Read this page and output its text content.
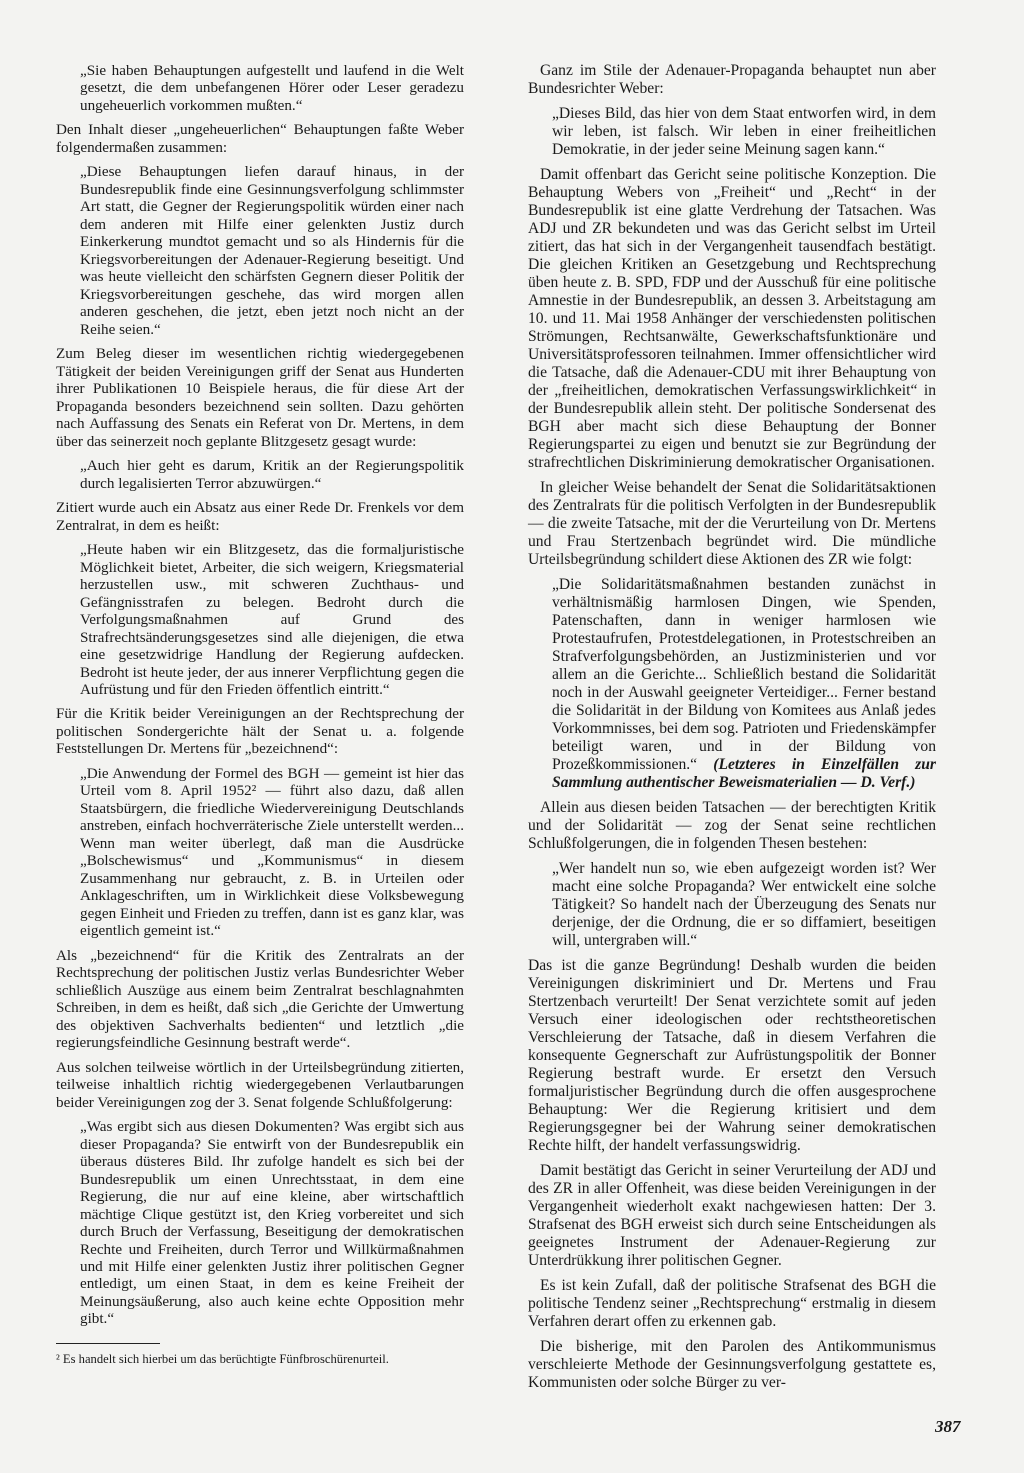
„Sie haben Behauptungen aufgestellt und laufend in die Welt gesetzt, die dem unbefangenen Hörer oder Leser geradezu ungeheuerlich vorkommen mußten.“

Den Inhalt dieser „ungeheuerlichen“ Behauptungen faßte Weber folgendermaßen zusammen:

„Diese Behauptungen liefen darauf hinaus, in der Bundesrepublik finde eine Gesinnungsverfolgung schlimmster Art statt, die Gegner der Regierungspolitik würden einer nach dem anderen mit Hilfe einer gelenkten Justiz durch Einkerkerung mundtot gemacht und so als Hindernis für die Kriegsvorbereitungen der Adenauer-Regierung beseitigt. Und was heute vielleicht den schärfsten Gegnern dieser Politik der Kriegsvorbereitungen geschehe, das wird morgen allen anderen geschehen, die jetzt, eben jetzt noch nicht an der Reihe seien.“

Zum Beleg dieser im wesentlichen richtig wiedergegebenen Tätigkeit der beiden Vereinigungen griff der Senat aus Hunderten ihrer Publikationen 10 Beispiele heraus, die für diese Art der Propaganda besonders bezeichnend sein sollten. Dazu gehörten nach Auffassung des Senats ein Referat von Dr. Mertens, in dem über das seinerzeit noch geplante Blitzgesetz gesagt wurde:

„Auch hier geht es darum, Kritik an der Regierungspolitik durch legalisierten Terror abzuwürgen.“

Zitiert wurde auch ein Absatz aus einer Rede Dr. Frenkels vor dem Zentralrat, in dem es heißt:

„Heute haben wir ein Blitzgesetz, das die formaljuristische Möglichkeit bietet, Arbeiter, die sich weigern, Kriegsmaterial herzustellen usw., mit schweren Zuchthaus- und Gefängnisstrafen zu belegen. Bedroht durch die Verfolgungsmaßnahmen auf Grund des Strafrechtsänderungsgesetzes sind alle diejenigen, die etwa eine gesetzwidrige Handlung der Regierung aufdecken. Bedroht ist heute jeder, der aus innerer Verpflichtung gegen die Aufrüstung und für den Frieden öffentlich eintritt.“

Für die Kritik beider Vereinigungen an der Rechtsprechung der politischen Sondergerichte hält der Senat u. a. folgende Feststellungen Dr. Mertens für „bezeichnend“:

„Die Anwendung der Formel des BGH — gemeint ist hier das Urteil vom 8. April 1952² — führt also dazu, daß allen Staatsbürgern, die friedliche Wiedervereinigung Deutschlands anstreben, einfach hochverräterische Ziele unterstellt werden... Wenn man weiter überlegt, daß man die Ausdrücke „Bolschewismus“ und „Kommunismus“ in diesem Zusammenhang nur gebraucht, z. B. in Urteilen oder Anklageschriften, um in Wirklichkeit diese Volksbewegung gegen Einheit und Frieden zu treffen, dann ist es ganz klar, was eigentlich gemeint ist.“

Als „bezeichnend“ für die Kritik des Zentralrats an der Rechtsprechung der politischen Justiz verlas Bundesrichter Weber schließlich Auszüge aus einem beim Zentralrat beschlagnahmten Schreiben, in dem es heißt, daß sich „die Gerichte der Umwertung des objektiven Sachverhalts bedienten“ und letztlich „die regierungsfeindliche Gesinnung bestraft werde“.

Aus solchen teilweise wörtlich in der Urteilsbegründung zitierten, teilweise inhaltlich richtig wiedergegebenen Verlautbarungen beider Vereinigungen zog der 3. Senat folgende Schlußfolgerung:

„Was ergibt sich aus diesen Dokumenten? Was ergibt sich aus dieser Propaganda? Sie entwirft von der Bundesrepublik ein überaus düsteres Bild. Ihr zufolge handelt es sich bei der Bundesrepublik um einen Unrechtsstaat, in dem eine Regierung, die nur auf eine kleine, aber wirtschaftlich mächtige Clique gestützt ist, den Krieg vorbereitet und sich durch Bruch der Verfassung, Beseitigung der demokratischen Rechte und Freiheiten, durch Terror und Willkürmaßnahmen und mit Hilfe einer gelenkten Justiz ihrer politischen Gegner entledigt, um einen Staat, in dem es keine Freiheit der Meinungsäußerung, also auch keine echte Opposition mehr gibt.“

Ganz im Stile der Adenauer-Propaganda behauptet nun aber Bundesrichter Weber:

„Dieses Bild, das hier von dem Staat entworfen wird, in dem wir leben, ist falsch. Wir leben in einer freiheitlichen Demokratie, in der jeder seine Meinung sagen kann.“

Damit offenbart das Gericht seine politische Konzeption. Die Behauptung Webers von „Freiheit“ und „Recht“ in der Bundesrepublik ist eine glatte Verdrehung der Tatsachen. Was ADJ und ZR bekundeten und was das Gericht selbst im Urteil zitiert, das hat sich in der Vergangenheit tausendfach bestätigt. Die gleichen Kritiken an Gesetzgebung und Rechtsprechung üben heute z. B. SPD, FDP und der Ausschuß für eine politische Amnestie in der Bundesrepublik, an dessen 3. Arbeitstagung am 10. und 11. Mai 1958 Anhänger der verschiedensten politischen Strömungen, Rechtsanwälte, Gewerkschaftsfunktionäre und Universitätsprofessoren teilnahmen. Immer offensichtlicher wird die Tatsache, daß die Adenauer-CDU mit ihrer Behauptung von der „freiheitlichen, demokratischen Verfassungswirklichkeit“ in der Bundesrepublik allein steht. Der politische Sondersenat des BGH aber macht sich diese Behauptung der Bonner Regierungspartei zu eigen und benutzt sie zur Begründung der strafrechtlichen Diskriminierung demokratischer Organisationen.

In gleicher Weise behandelt der Senat die Solidaritätsaktionen des Zentralrats für die politisch Verfolgten in der Bundesrepublik — die zweite Tatsache, mit der die Verurteilung von Dr. Mertens und Frau Stertzenbach begründet wird. Die mündliche Urteilsbegründung schildert diese Aktionen des ZR wie folgt:

„Die Solidaritätsmaßnahmen bestanden zunächst in verhältnismäßig harmlosen Dingen, wie Spenden, Patenschaften, dann in weniger harmlosen wie Protestaufrufen, Protestdelegationen, in Protestschreiben an Strafverfolgungsbehörden, an Justizministerien und vor allem an die Gerichte... Schließlich bestand die Solidarität noch in der Auswahl geeigneter Verteidiger... Ferner bestand die Solidarität in der Bildung von Komitees aus Anlaß jedes Vorkommnisses, bei dem sog. Patrioten und Friedenskämpfer beteiligt waren, und in der Bildung von Prozeßkommissionen.“ (Letzteres in Einzelfällen zur Sammlung authentischer Beweismaterialien — D. Verf.)

Allein aus diesen beiden Tatsachen — der berechtigten Kritik und der Solidarität — zog der Senat seine rechtlichen Schlußfolgerungen, die in folgenden Thesen bestehen:

„Wer handelt nun so, wie eben aufgezeigt worden ist? Wer macht eine solche Propaganda? Wer entwickelt eine solche Tätigkeit? So handelt nach der Überzeugung des Senats nur derjenige, der die Ordnung, die er so diffamiert, beseitigen will, untergraben will.“

Das ist die ganze Begründung! Deshalb wurden die beiden Vereinigungen diskriminiert und Dr. Mertens und Frau Stertzenbach verurteilt! Der Senat verzichtete somit auf jeden Versuch einer ideologischen oder rechtstheoretischen Verschleierung der Tatsache, daß in diesem Verfahren die konsequente Gegnerschaft zur Aufrüstungspolitik der Bonner Regierung bestraft wurde. Er ersetzt den Versuch formaljuristischer Begründung durch die offen ausgesprochene Behauptung: Wer die Regierung kritisiert und dem Regierungsgegner bei der Wahrung seiner demokratischen Rechte hilft, der handelt verfassungswidrig.

Damit bestätigt das Gericht in seiner Verurteilung der ADJ und des ZR in aller Offenheit, was diese beiden Vereinigungen in der Vergangenheit wiederholt exakt nachgewiesen hatten: Der 3. Strafsenat des BGH erweist sich durch seine Entscheidungen als geeignetes Instrument der Adenauer-Regierung zur Unterdrükkung ihrer politischen Gegner.

Es ist kein Zufall, daß der politische Strafsenat des BGH die politische Tendenz seiner „Rechtsprechung“ erstmalig in diesem Verfahren derart offen zu erkennen gab.

Die bisherige, mit den Parolen des Antikommunismus verschleierte Methode der Gesinnungsverfolgung gestattete es, Kommunisten oder solche Bürger zu ver-

² Es handelt sich hierbei um das berüchtigte Fünfbroschürenurteil.
387
